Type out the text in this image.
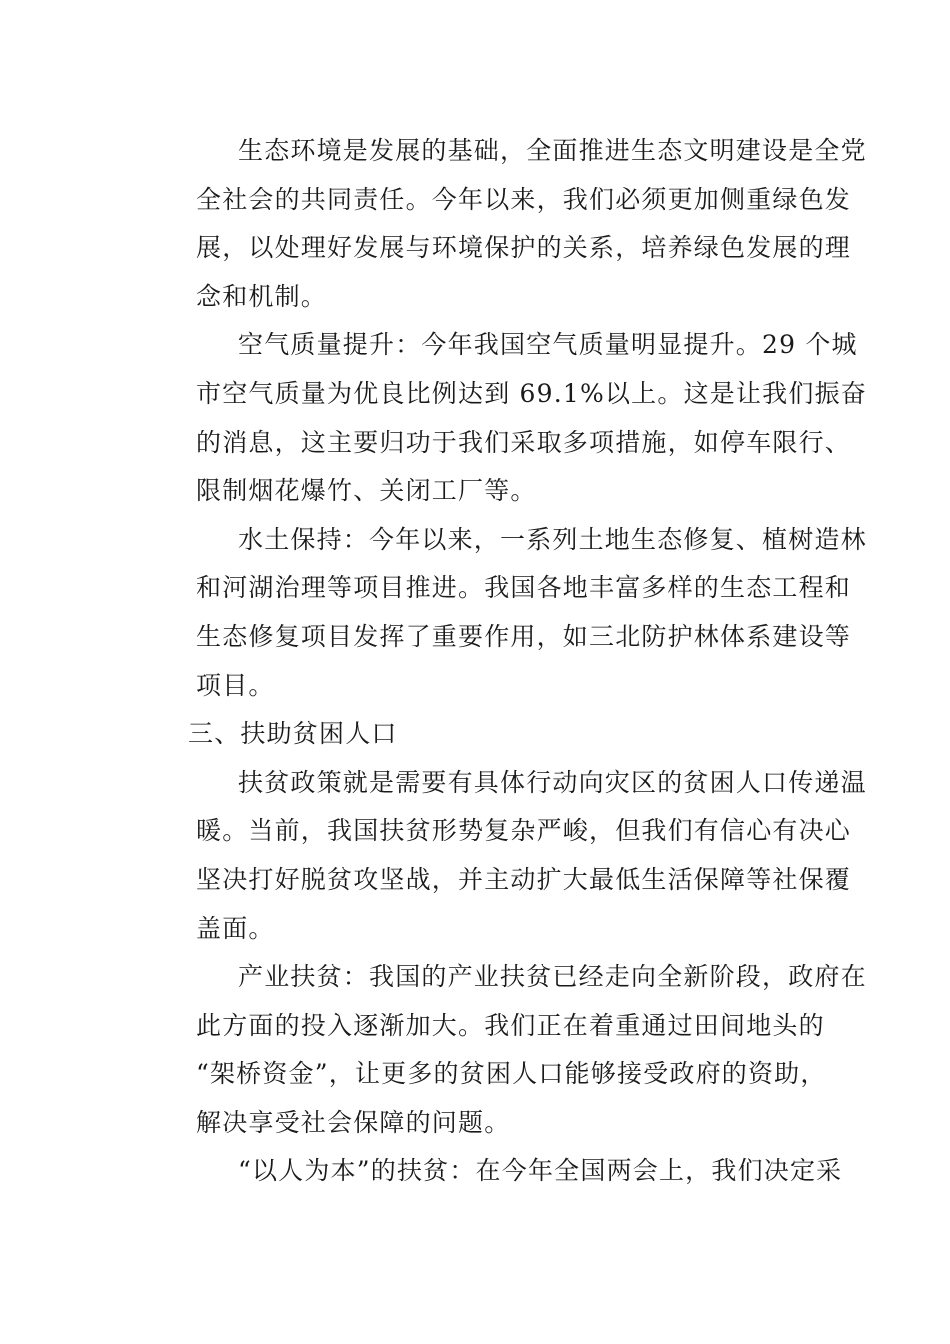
生态环境是发展的基础，全面推进生态文明建设是全党
全社会的共同责任。今年以来，我们必须更加侧重绿色发
展，以处理好发展与环境保护的关系，培养绿色发展的理
念和机制。
空气质量提升：今年我国空气质量明显提升。29 个城
市空气质量为优良比例达到 69.1%以上。这是让我们振奋
的消息，这主要归功于我们采取多项措施，如停车限行、
限制烟花爆竹、关闭工厂等。
水土保持：今年以来，一系列土地生态修复、植树造林
和河湖治理等项目推进。我国各地丰富多样的生态工程和
生态修复项目发挥了重要作用，如三北防护林体系建设等
项目。
三、扶助贫困人口
扶贫政策就是需要有具体行动向灾区的贫困人口传递温
暖。当前，我国扶贫形势复杂严峻，但我们有信心有决心
坚决打好脱贫攻坚战，并主动扩大最低生活保障等社保覆
盖面。
产业扶贫：我国的产业扶贫已经走向全新阶段，政府在
此方面的投入逐渐加大。我们正在着重通过田间地头的
“架桥资金”，让更多的贫困人口能够接受政府的资助，
解决享受社会保障的问题。
“以人为本”的扶贫：在今年全国两会上，我们决定采
